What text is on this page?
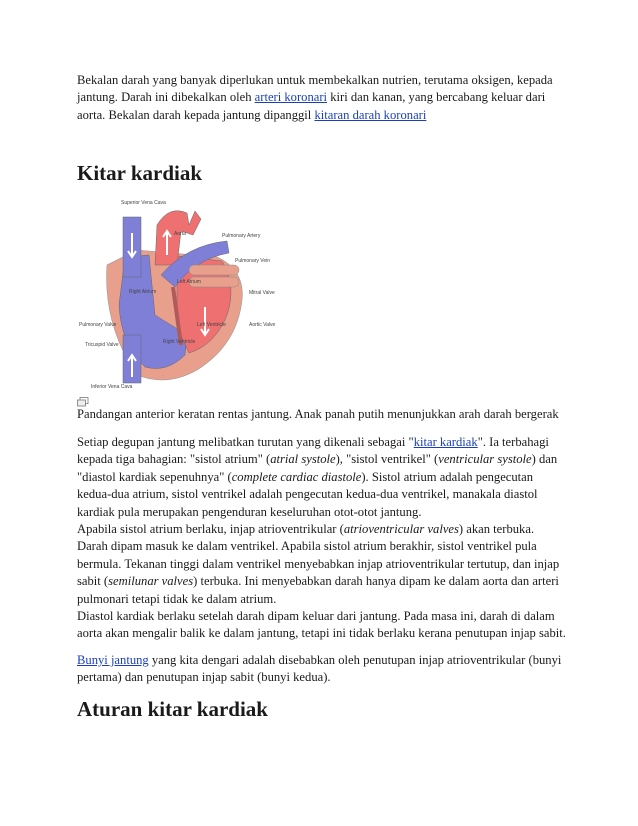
Bekalan darah yang banyak diperlukan untuk membekalkan nutrien, terutama oksigen, kepada jantung. Darah ini dibekalkan oleh arteri koronari kiri dan kanan, yang bercabang keluar dari aorta. Bekalan darah kepada jantung dipanggil kitaran darah koronari

Kitar kardiak
Superior Vena Cava
Aorta	Pulmonary Artery
Pulmonary Vein
Left Atrium
Right Atrium	Mitral Valve
Pulmonary Valve	Left Ventricle	Aortic Valve
Right Ventricle
Tricuspid Valve
Inferior Vena Cava

Pandangan anterior keratan rentas jantung. Anak panah putih menunjukkan arah darah bergerak

Setiap degupan jantung melibatkan turutan yang dikenali sebagai "kitar kardiak". Ia terbahagi kepada tiga bahagian: "sistol atrium" (atrial systole), "sistol ventrikel" (ventricular systole) dan "diastol kardiak sepenuhnya" (complete cardiac diastole). Sistol atrium adalah pengecutan kedua-dua atrium, sistol ventrikel adalah pengecutan kedua-dua ventrikel, manakala diastol kardiak pula merupakan pengenduran keseluruhan otot-otot jantung.

Apabila sistol atrium berlaku, injap atrioventrikular (atrioventricular valves) akan terbuka. Darah dipam masuk ke dalam ventrikel. Apabila sistol atrium berakhir, sistol ventrikel pula bermula. Tekanan tinggi dalam ventrikel menyebabkan injap atrioventrikular tertutup, dan injap sabit (semilunar valves) terbuka. Ini menyebabkan darah hanya dipam ke dalam aorta dan arteri pulmonari tetapi tidak ke dalam atrium.

Diastol kardiak berlaku setelah darah dipam keluar dari jantung. Pada masa ini, darah di dalam aorta akan mengalir balik ke dalam jantung, tetapi ini tidak berlaku kerana penutupan injap sabit.

Bunyi jantung yang kita dengari adalah disebabkan oleh penutupan injap atrioventrikular (bunyi pertama) dan penutupan injap sabit (bunyi kedua).

Aturan kitar kardiak
